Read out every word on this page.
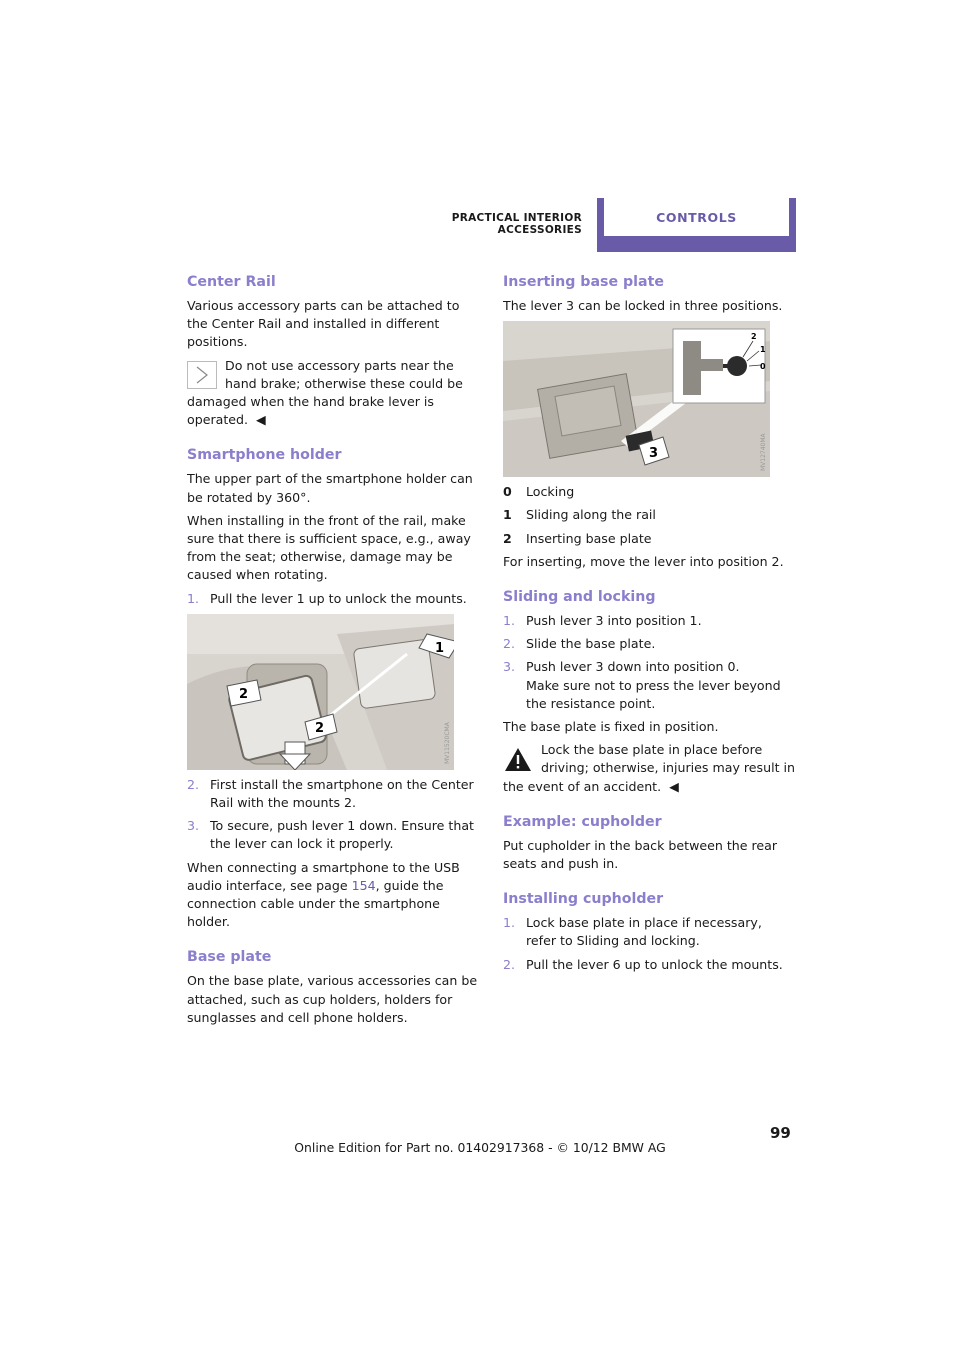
PRACTICAL INTERIOR ACCESSORIES
CONTROLS
Center Rail

Various accessory parts can be attached to the Center Rail and installed in different positions.

Do not use accessory parts near the hand brake; otherwise these could be damaged when the hand brake lever is operated.  ◀
Smartphone holder

The upper part of the smartphone holder can be rotated by 360°.

When installing in the front of the rail, make sure that there is sufficient space, e.g., away from the seat; otherwise, damage may be caused when rotating.

1. Pull the lever 1 up to unlock the mounts.
1
2
2	MV11520CMA
2. First install the smartphone on the Center Rail with the mounts 2.
3. To secure, push lever 1 down. Ensure that the lever can lock it properly.

When connecting a smartphone to the USB audio interface, see page 154, guide the connection cable under the smartphone holder.

Base plate

On the base plate, various accessories can be attached, such as cup holders, holders for sunglasses and cell phone holders.

Inserting base plate

The lever 3 can be locked in three positions.

2
1
0
3	MV12740MA
0 Locking
1 Sliding along the rail
2 Inserting base plate

For inserting, move the lever into position 2.

Sliding and locking
1. Push lever 3 into position 1.
2. Slide the base plate.
3. Push lever 3 down into position 0.
Make sure not to press the lever beyond the resistance point.

The base plate is fixed in position.

Lock the base plate in place before driving; otherwise, injuries may result in the event of an accident.  ◀
Example: cupholder

Put cupholder in the back between the rear seats and push in.

Installing cupholder
1. Lock base plate in place if necessary, refer to Sliding and locking.
2. Pull the lever 6 up to unlock the mounts.
99
Online Edition for Part no. 01402917368 - © 10/12 BMW AG
